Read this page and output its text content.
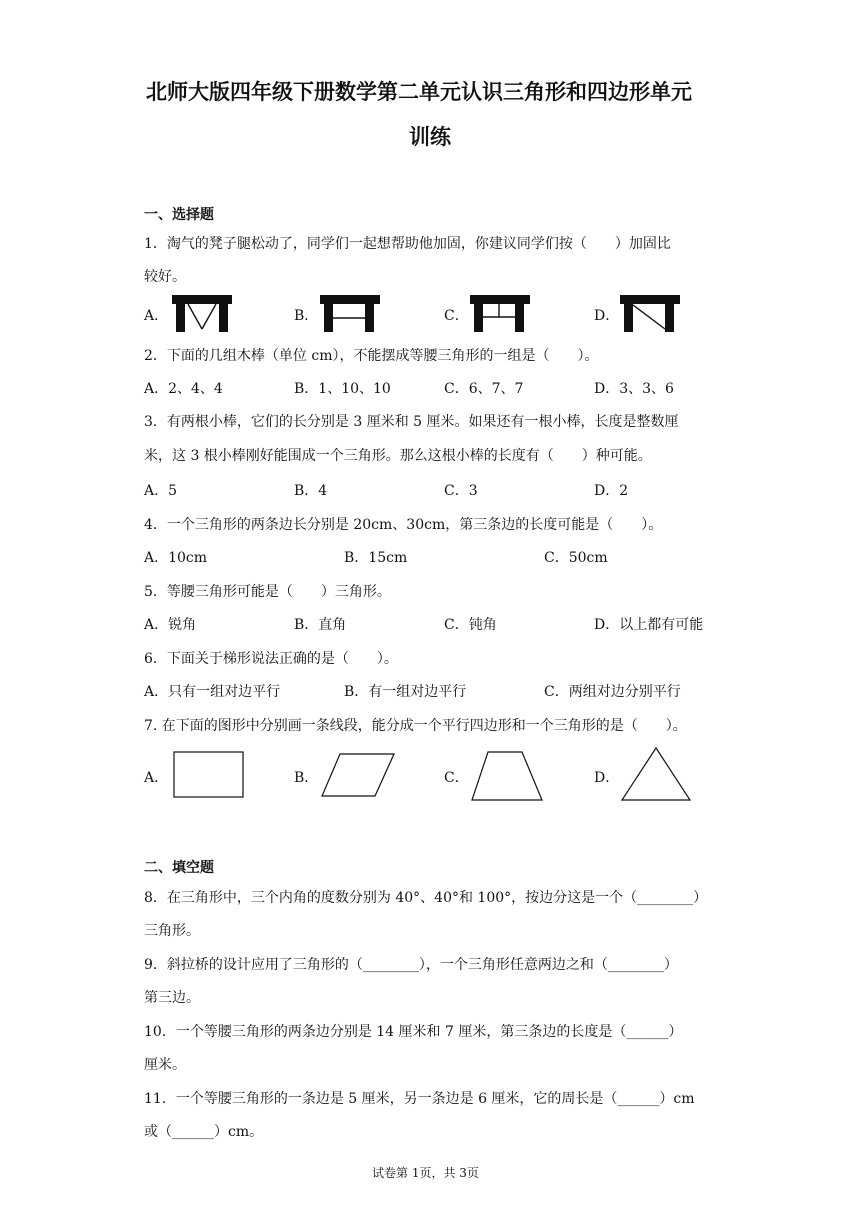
北师大版四年级下册数学第二单元认识三角形和四边形单元
训练
一、选择题
1．淘气的凳子腿松动了，同学们一起想帮助他加固，你建议同学们按（　　）加固比
较好。
A．	B．	C．	D．
2．下面的几组木棒（单位 cm），不能摆成等腰三角形的一组是（　　）。
A．2、4、4	B．1、10、10	C．6、7、7	D．3、3、6
3．有两根小棒，它们的长分别是 3 厘米和 5 厘米。如果还有一根小棒，长度是整数厘
米，这 3 根小棒刚好能围成一个三角形。那么这根小棒的长度有（　　）种可能。
A．5	B．4	C．3	D．2
4．一个三角形的两条边长分别是 20cm、30cm，第三条边的长度可能是（　　）。
A．10cm	B．15cm	C．50cm
5．等腰三角形可能是（　　）三角形。
A．锐角	B．直角	C．钝角	D．以上都有可能
6．下面关于梯形说法正确的是（　　）。
A．只有一组对边平行	B．有一组对边平行	C．两组对边分别平行
7. 在下面的图形中分别画一条线段，能分成一个平行四边形和一个三角形的是（　　）。
A．	B．	C．	D．
二、填空题
8．在三角形中，三个内角的度数分别为 40°、40°和 100°，按边分这是一个（________）
三角形。
9．斜拉桥的设计应用了三角形的（________），一个三角形任意两边之和（________）
第三边。
10．一个等腰三角形的两条边分别是 14 厘米和 7 厘米，第三条边的长度是（______）
厘米。
11．一个等腰三角形的一条边是 5 厘米，另一条边是 6 厘米，它的周长是（______）cm
或（______）cm。
试卷第 1页，共 3页
